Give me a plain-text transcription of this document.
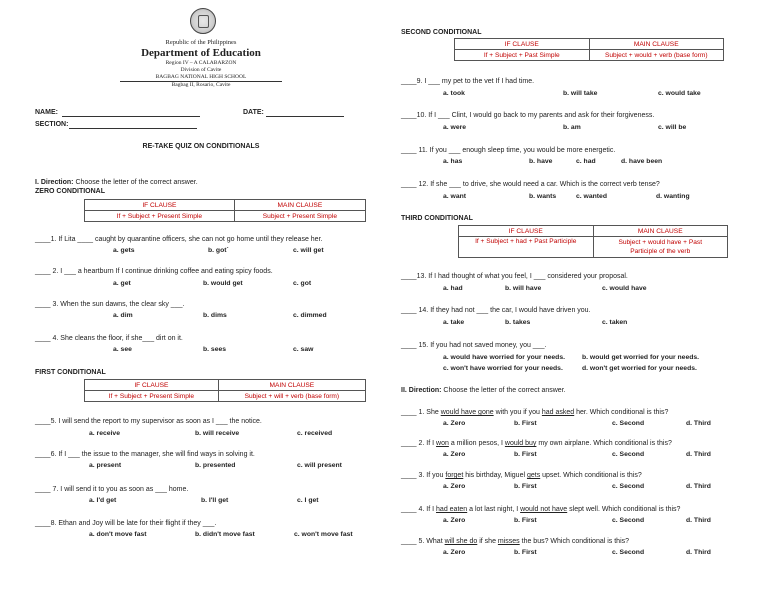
Republic of the Philippines
Department of Education
Region IV – A CALABARZON
Division of Cavite
BAGBAG NATIONAL HIGH SCHOOL
Bagbag II, Rosario, Cavite
NAME:
SECTION:
DATE:
RE-TAKE QUIZ ON CONDITIONALS
I. Direction: Choose the letter of the correct answer.
ZERO CONDITIONAL
IF CLAUSE	MAIN CLAUSE
If + Subject + Present Simple	Subject + Present Simple
____1. If Lita ____ caught by quarantine officers, she can not go home until they release her.
a. gets	b. got`	c. will get
____ 2. I ___ a heartburn If I continue drinking coffee and eating spicy foods.
a. get	b. would get	c. got
____ 3. When the sun dawns, the clear sky ___.
a. dim	b. dims	c. dimmed
____ 4. She cleans the floor, if she___ dirt on it.
a. see	b. sees	c. saw
FIRST CONDITIONAL
IF CLAUSE	MAIN CLAUSE
If + Subject + Present Simple	Subject + will + verb (base form)
____5. I will send the report to my supervisor as soon as I ___ the notice.
a. receive	b. will receive	c. received
____6. If I ___ the issue to the manager, she will find ways in solving it.
a. present	b. presented	c. will present
____ 7. I will send it to you as soon as ___ home.
a. I'd get	b. I'll get	c. I get
____8. Ethan and Joy will be late for their flight if they ___.
a. don't move fast	b. didn't move fast	c. won't move fast
SECOND CONDITIONAL
IF CLAUSE	MAIN CLAUSE
If + Subject + Past Simple	Subject + would + verb (base form)
____9. I ___ my pet to the vet If I had time.
a. took	b. will take	c. would take
____10. If I ___ Clint, I would go back to my parents and ask for their forgiveness.
a. were	b. am	c. will be
____ 11. If you ___ enough sleep time, you would be more energetic.
a. has	b. have	c. had	d. have been
____ 12. If she ___ to drive, she would need a car. Which is the correct verb tense?
a. want	b. wants	c. wanted	d. wanting
THIRD CONDITIONAL
IF CLAUSE	MAIN CLAUSE
If + Subject + had + Past Participle	Subject + would have + Past
Participle of the verb
____13. If I had thought of what you feel, I ___ considered your proposal.
a. had	b. will have	c. would have
____ 14. If they had not ___ the car, I would have driven you.
a. take	b. takes	c. taken
____ 15. If you had not saved money, you ___.
a. would have worried for your needs.	b. would get worried for your needs.
c. won't have worried for your needs.	d. won't get worried for your needs.
II. Direction: Choose the letter of the correct answer.
____ 1. She would have gone with you if you had asked her. Which conditional is this?
a. Zero	b. First	c. Second	d. Third
____ 2. If I won a million pesos, I would buy my own airplane. Which conditional is this?
a. Zero	b. First	c. Second	d. Third
____ 3. If you forget his birthday, Miguel gets upset. Which conditional is this?
a. Zero	b. First	c. Second	d. Third
____ 4. If I had eaten a lot last night, I would not have slept well. Which conditional is this?
a. Zero	b. First	c. Second	d. Third
____ 5. What will she do if she misses the bus? Which conditional is this?
a. Zero	b. First	c. Second	d. Third
